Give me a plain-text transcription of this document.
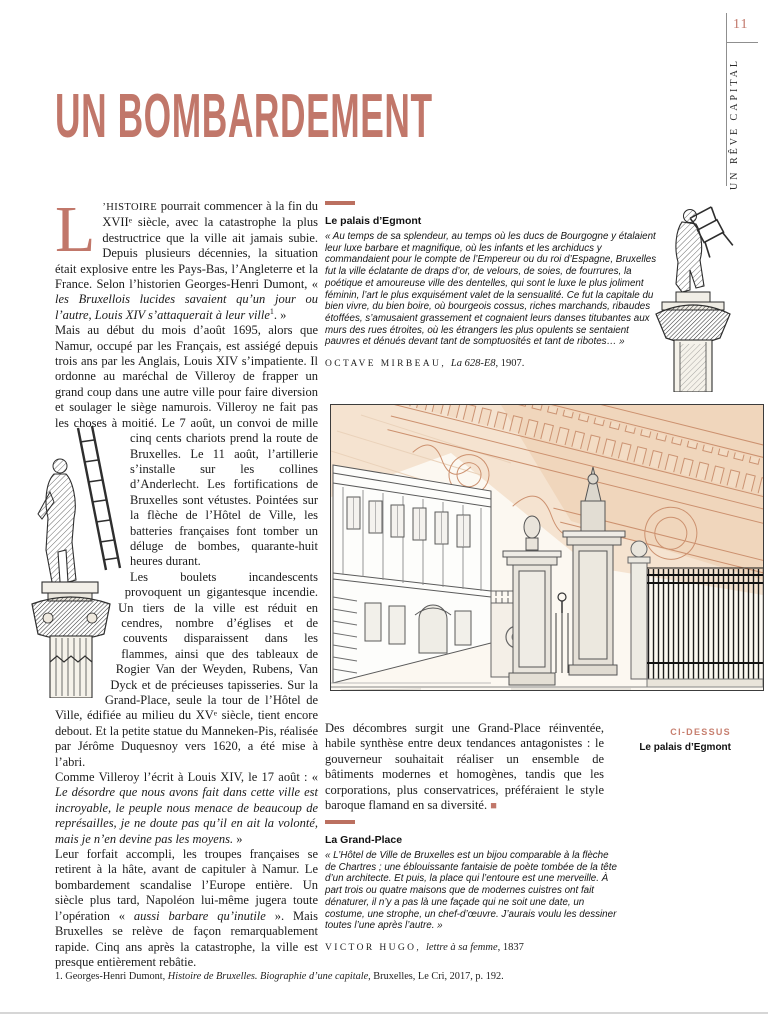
UN BOMBARDEMENT
11
UN RÊVE CAPITAL

L ’HISTOIRE pourrait commencer à la fin du XVIIᵉ siècle, avec la catastrophe la plus destructrice que la ville ait jamais subie. Depuis plusieurs décennies, la situation était explosive entre les Pays-Bas, l’Angleterre et la France. Selon l’historien Georges-Henri Dumont, « les Bruxellois lucides savaient qu’un jour ou l’autre, Louis XIV s’attaquerait à leur ville$^1$. »

Mais au début du mois d’août 1695, alors que Namur, occupé par les Français, est assiégé depuis trois ans par les Anglais, Louis XIV s’impatiente. Il ordonne au maréchal de Villeroy de frapper un grand coup dans une autre ville pour faire diversion et soulager le siège namurois. Villeroy ne fait pas les choses à moitié. Le 7
août, un convoi de mille cinq cents chariots prend la route de Bruxelles. Le 11 août, l’artillerie s’installe sur les collines d’Anderlecht. Les fortifications de Bruxelles sont vétustes. Pointées sur la flèche de l’Hôtel de Ville, les batteries françaises font tomber un déluge de bombes, quarante-huit heures durant.

Les boulets incandescents provoquent un gigantesque incendie. Un tiers de la ville est réduit en cendres, nombre d’églises et de couvents disparaissent dans les flammes, ainsi que des tableaux de Rogier Van der Weyden, Rubens, Van Dyck et de précieuses tapisseries. Sur la Grand-Place, seule la tour de l’Hôtel de Ville, édifiée au milieu du XVᵉ siècle, tient encore debout. Et la petite statue du Manneken-Pis, réalisée par Jérôme Duquesnoy vers 1620, a été mise à l’abri.

Comme Villeroy l’écrit à Louis XIV, le 17 août : « Le désordre que nous avons fait dans cette ville est incroyable, le peuple nous menace de beaucoup de représailles, je ne doute pas qu’il en ait la volonté, mais je n’en devine pas les moyens. »

Leur forfait accompli, les troupes françaises se retirent à la hâte, avant de capituler à Namur. Le bombardement scandalise l’Europe entière. Un siècle plus tard, Napoléon lui-même jugera toute l’opération « aussi barbare qu’inutile ». Mais Bruxelles se relève de façon remarquablement rapide. Cinq ans après la catastrophe, la ville est presque entièrement rebâtie.

Le palais d’Egmont
« Au temps de sa splendeur, au temps où les ducs de Bourgogne y étalaient leur luxe barbare et magnifique, où les infants et les archiducs y commandaient pour le compte de l’Empereur ou du roi d’Espagne, Bruxelles fut la ville éclatante de draps d’or, de velours, de soies, de fourrures, la poétique et amoureuse ville des dentelles, qui sont le luxe le plus joliment féminin, l’art le plus exquisément valet de la sensualité. Ce fut la capitale du bien vivre, du bien boire, où bourgeois cossus, riches marchands, ribaudes étoffées, s’amusaient grassement et cognaient leurs danses titubantes aux murs des rues étroites, où les étrangers les plus opulents se sentaient pauvres et dénués devant tant de somptuosités et tant de ribotes… »
OCTAVE MIRBEAU, La 628-E8, 1907.
Des décombres surgit une Grand-Place réinventée, habile synthèse entre deux tendances antagonistes : le gouverneur souhaitait réaliser un ensemble de bâtiments modernes et homogènes, tandis que les corporations, plus conservatrices, préféraient le style baroque flamand en sa diversité. ■
CI-DESSUS
Le palais d’Egmont
La Grand-Place
« L’Hôtel de Ville de Bruxelles est un bijou comparable à la flèche de Chartres ; une éblouissante fantaisie de poète tombée de la tête d’un architecte. Et puis, la place qui l’entoure est une merveille. À part trois ou quatre maisons que de modernes cuistres ont fait dénaturer, il n’y a pas là une façade qui ne soit une date, un costume, une strophe, un chef-d’œuvre. J’aurais voulu les dessiner toutes l’une après l’autre. »
VICTOR HUGO, lettre à sa femme, 1837
1. Georges-Henri Dumont, Histoire de Bruxelles. Biographie d’une capitale, Bruxelles, Le Cri, 2017, p. 192.
